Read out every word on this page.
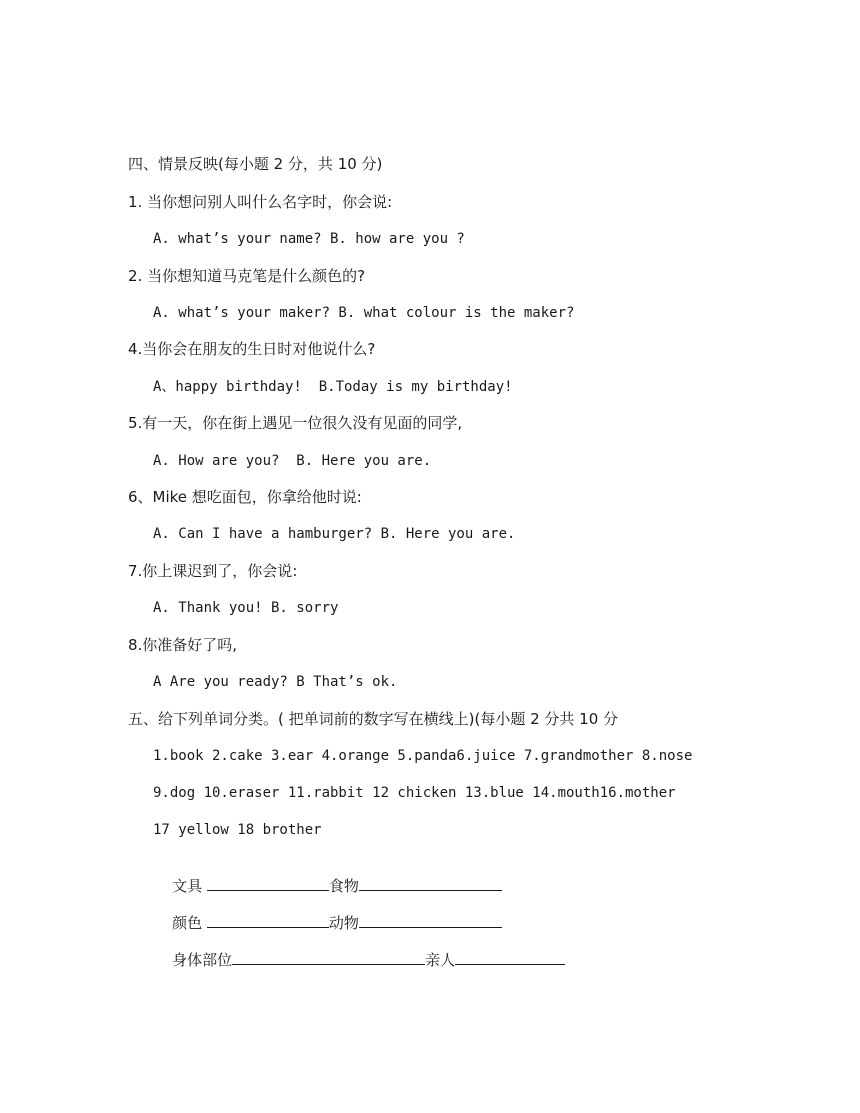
四、情景反映(每小题 2 分，共 10 分)
1. 当你想问别人叫什么名字时，你会说:
A. what’s your name? B. how are you ?
2. 当你想知道马克笔是什么颜色的?
A. what’s your maker? B. what colour is the maker?
4.当你会在朋友的生日时对他说什么?
A、happy birthday!  B.Today is my birthday!
5.有一天，你在街上遇见一位很久没有见面的同学,
A. How are you?  B. Here you are.
6、Mike 想吃面包，你拿给他时说:
A. Can I have a hamburger? B. Here you are.
7.你上课迟到了，你会说:
A. Thank you! B. sorry
8.你准备好了吗,
A Are you ready? B That’s ok.
五、给下列单词分类。( 把单词前的数字写在横线上)(每小题 2 分共 10 分
1.book 2.cake 3.ear 4.orange 5.panda6.juice 7.grandmother 8.nose
9.dog 10.eraser 11.rabbit 12 chicken 13.blue 14.mouth16.mother
17 yellow 18 brother

文具	食物

颜色	动物

身体部位	亲人
